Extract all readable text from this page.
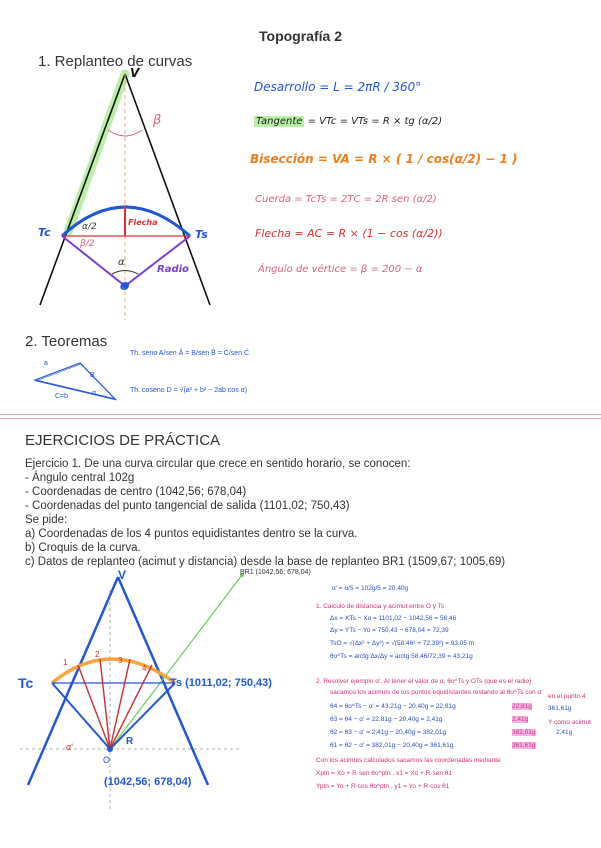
Topografía 2
1. Replanteo de curvas
V
β
Tc	Ts
α/2
β/2
Flecha
Radio
α
O
Desarrollo = L = 2πR / 360°
Tangente = VTc = VTs = R × tg (α/2)
Bisección = VA = R × ( 1 / cos(α/2) − 1 )
Cuerda = TcTs = 2TC = 2R sen (α/2)
Flecha = AC = R × (1 − cos (α/2))
Ángulo de vértice = β = 200 − α
2. Teoremas
a
B
C=b	α
Th. seno A/sen Â = B/sen B̂ = C/sen Ĉ
Th. coseno D = √(a² + b² − 2ab cos α)
EJERCICIOS DE PRÁCTICA
Ejercicio 1. De una curva circular que crece en sentido horario, se conocen:
- Ángulo central 102g
- Coordenadas de centro (1042,56; 678,04)
- Coordenadas del punto tangencial de salida (1101,02; 750,43)
Se pide:
a) Coordenadas de los 4 puntos equidistantes dentro se la curva.
b) Croquis de la curva.
c) Datos de replanteo (acimut y distancia) desde la base de replanteo BR1 (1509,67; 1005,69)
V
Tc	Ts (1011,02; 750,43)
(1042,56; 678,04)
BR1 (1042,56; 678,04)
O
R
α'
1
2
3
4
α' = α/5 = 102g/5 = 20,40g
1. Calculo de distancia y acimut entre O y Ts
Δx = XTs − Xo = 1101,02 − 1042,56 = 58,46
Δy = YTs − Yo = 750,43 − 678,04 = 72,39
TsO = √(Δx² + Δy²) = √(58,46² + 72,39²) = 93,05 m
θo^Ts = arctg Δx/Δy = arctg 58,46/72,39 = 43,21g
2. Resolver ejemplo α'. Al tener el valor de α, θo^Ts y OTs (que es el radio)
sacamos los acimuts de los puntos equidistantes restando al θo^Ts con α'
θ4 = θo^Ts − α' = 43,21g − 20,40g = 22,81g
θ3 = θ4 − α' = 22,81g − 20,40g = 2,41g
θ2 = θ3 − α' = 2,41g − 20,40g = 382,01g
θ1 = θ2 − α' = 382,01g − 20,40g = 361,61g
Con los acimuts calculados sacamos las coordenadas mediante
Xptn = Xo + R·sen θo^ptn , x1 = Xo + R·sen θ1
Yptn = Yo + R·cos θo^ptn , y1 = Yo + R·cos θ1
22,81g
2,41g
382,01g
361,61g
en el punto 4
Y como acimut
2,41g
361,61g
